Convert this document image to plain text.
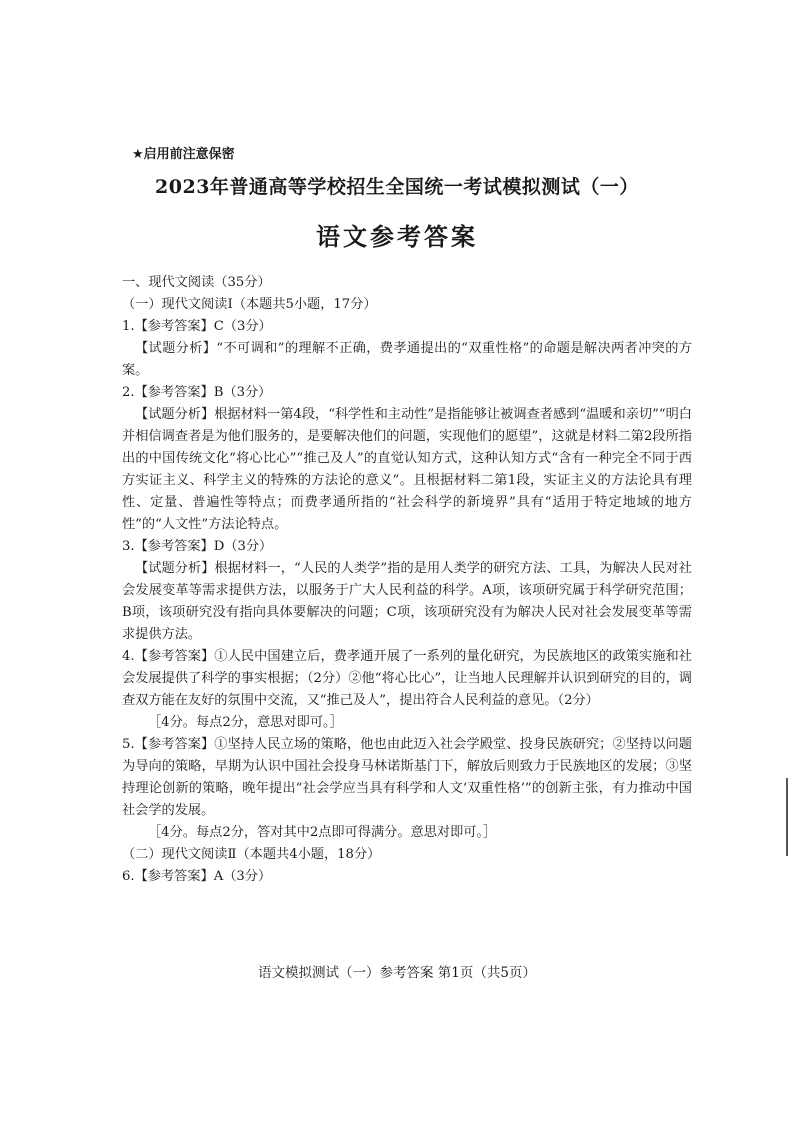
★启用前注意保密
2023年普通高等学校招生全国统一考试模拟测试（一）
语文参考答案
一、现代文阅读（35分）
（一）现代文阅读Ⅰ（本题共5小题，17分）
1.【参考答案】C（3分）
【试题分析】“不可调和”的理解不正确，费孝通提出的“双重性格”的命题是解决两者冲突的方案。
2.【参考答案】B（3分）
【试题分析】根据材料一第4段，“科学性和主动性”是指能够让被调查者感到“温暖和亲切”“明白并相信调查者是为他们服务的，是要解决他们的问题，实现他们的愿望”，这就是材料二第2段所指出的中国传统文化“将心比心”“推己及人”的直觉认知方式，这种认知方式“含有一种完全不同于西方实证主义、科学主义的特殊的方法论的意义”。且根据材料二第1段，实证主义的方法论具有理性、定量、普遍性等特点；而费孝通所指的“社会科学的新境界”具有“适用于特定地域的地方性”的“人文性”方法论特点。
3.【参考答案】D（3分）
【试题分析】根据材料一，“人民的人类学”指的是用人类学的研究方法、工具，为解决人民对社会发展变革等需求提供方法，以服务于广大人民利益的科学。A项，该项研究属于科学研究范围；B项，该项研究没有指向具体要解决的问题；C项，该项研究没有为解决人民对社会发展变革等需求提供方法。
4.【参考答案】①人民中国建立后，费孝通开展了一系列的量化研究，为民族地区的政策实施和社会发展提供了科学的事实根据；（2分）②他“将心比心”，让当地人民理解并认识到研究的目的，调查双方能在友好的氛围中交流，又“推己及人”，提出符合人民利益的意见。（2分）
［4分。每点2分，意思对即可。］
5.【参考答案】①坚持人民立场的策略，他也由此迈入社会学殿堂、投身民族研究；②坚持以问题为导向的策略，早期为认识中国社会投身马林诺斯基门下，解放后则致力于民族地区的发展；③坚持理论创新的策略，晚年提出“社会学应当具有科学和人文‘双重性格’”的创新主张，有力推动中国社会学的发展。
［4分。每点2分，答对其中2点即可得满分。意思对即可。］
（二）现代文阅读Ⅱ（本题共4小题，18分）
6.【参考答案】A（3分）
语文模拟测试（一）参考答案 第1页（共5页）
